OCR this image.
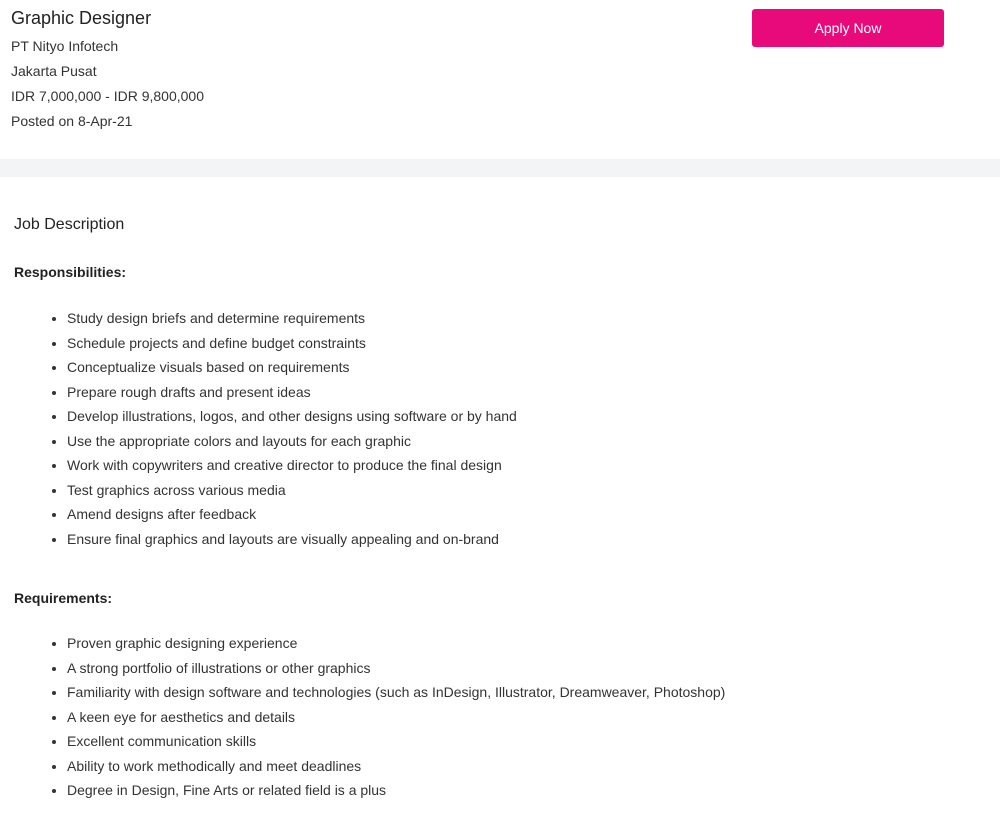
Graphic Designer
PT Nityo Infotech
Jakarta Pusat
IDR 7,000,000 - IDR 9,800,000
Posted on 8-Apr-21
Apply Now
Job Description
Responsibilities:
• Study design briefs and determine requirements
• Schedule projects and define budget constraints
• Conceptualize visuals based on requirements
• Prepare rough drafts and present ideas
• Develop illustrations, logos, and other designs using software or by hand
• Use the appropriate colors and layouts for each graphic
• Work with copywriters and creative director to produce the final design
• Test graphics across various media
• Amend designs after feedback
• Ensure final graphics and layouts are visually appealing and on-brand
Requirements:
• Proven graphic designing experience
• A strong portfolio of illustrations or other graphics
• Familiarity with design software and technologies (such as InDesign, Illustrator, Dreamweaver, Photoshop)
• A keen eye for aesthetics and details
• Excellent communication skills
• Ability to work methodically and meet deadlines
• Degree in Design, Fine Arts or related field is a plus
